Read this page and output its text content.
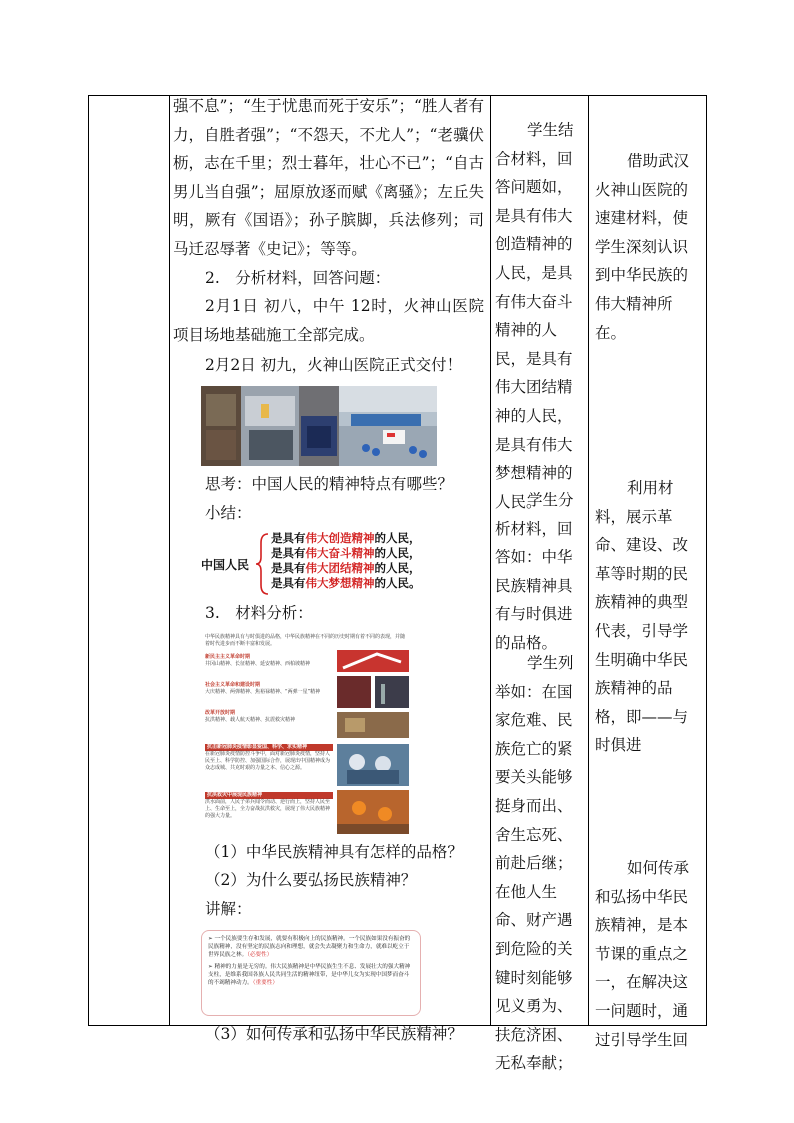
强不息”；“生于忧患而死于安乐”；“胜人者有力，自胜者强”；“不怨天，不尤人”；“老骥伏枥，志在千里；烈士暮年，壮心不已”；“自古男儿当自强”；屈原放逐而赋《离骚》；左丘失明，厥有《国语》；孙子膑脚，兵法修列；司马迁忍辱著《史记》；等等。

2.　分析材料，回答问题：

2月1日 初八，中午 12时，火神山医院项目场地基础施工全部完成。

2月2日 初九，火神山医院正式交付！

思考：中国人民的精神特点有哪些？

小结：

中国人民
是具有伟大创造精神的人民，
是具有伟大奋斗精神的人民，
是具有伟大团结精神的人民，
是具有伟大梦想精神的人民。

3.　材料分析：

中华民族精神具有与时俱进的品格，中华民族精神在不同的历史时期有着不同的表现，并随着时代进步而不断丰富和发展。
新民主主义革命时期
井冈山精神、长征精神、延安精神、西柏坡精神
社会主义革命和建设时期
大庆精神、两弹精神、焦裕禄精神、“两弹一星”精神
改革开放时期
抗洪精神、载人航天精神、抗震救灾精神
抗击新冠肺炎疫情彰显爱国、科学、求实精神
在新冠肺炎疫情防控斗争中，面对新冠肺炎疫情，坚持人民至上、科学防控、加强国际合作，展现出中国精神成为众志成城、共克时艰的力量之本、信心之源。
抗洪救灾中展现民族精神
洪水面前，人民子弟兵闻令而动、逆行而上，坚持人民至上、生命至上，全力奋战抗洪救灾，展现了伟大民族精神的强大力量。

（1）中华民族精神具有怎样的品格？

（2）为什么要弘扬民族精神？

讲解：

➢ 一个民族要生存和发展，就要有积极向上的民族精神。一个民族如果没有振奋的民族精神，没有坚定的民族志向和理想，就会失去凝聚力和生命力，就难以屹立于世界民族之林。（必要性）
➢ 精神的力量是无穷的。伟大民族精神是中华民族生生不息、发展壮大的强大精神支柱，是维系我国各族人民共同生活的精神纽带，是中华儿女为实现中国梦而奋斗的不竭精神动力。（重要性）

（3）如何传承和弘扬中华民族精神？

学生结合材料，回答问题如，是具有伟大创造精神的人民，是具有伟大奋斗精神的人民，是具有伟大团结精神的人民，是具有伟大梦想精神的人民。

学生分析材料，回答如：中华民族精神具有与时俱进的品格。

学生列举如：在国家危难、民族危亡的紧要关头能够挺身而出、舍生忘死、前赴后继；在他人生命、财产遇到危险的关键时刻能够见义勇为、扶危济困、无私奉献；

借助武汉火神山医院的速建材料，使学生深刻认识到中华民族的伟大精神所在。

利用材料，展示革命、建设、改革等时期的民族精神的典型代表，引导学生明确中华民族精神的品格，即——与时俱进

如何传承和弘扬中华民族精神，是本节课的重点之一，在解决这一问题时，通过引导学生回
